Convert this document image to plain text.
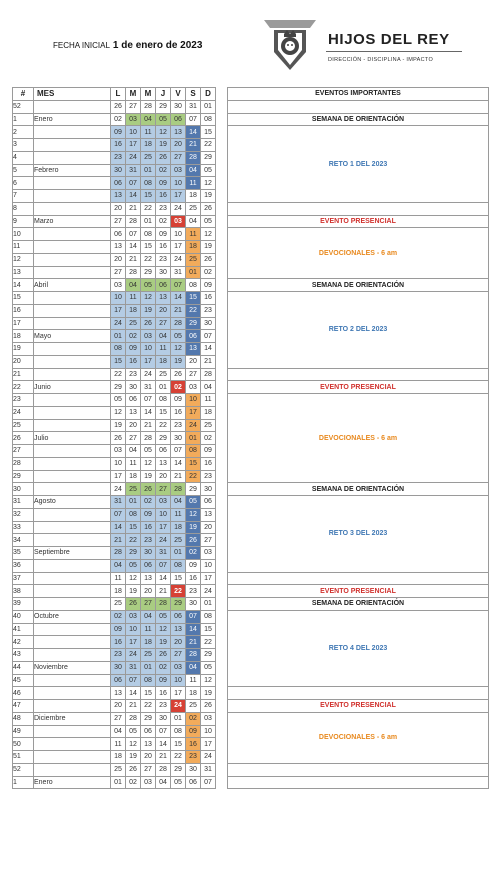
FECHA INICIAL 1 de enero de 2023	HIJOS DEL REY
DIRECCIÓN - DISCIPLINA - IMPACTO
#	MES	L	M	M	J	V	S	D		EVENTOS IMPORTANTES
52		26	27	28	29	30	31	01		
1	Enero	02	03	04	05	06	07	08		SEMANA DE ORIENTACIÓN
2		09	10	11	12	13	14	15		RETO 1 DEL 2023
3		16	17	18	19	20	21	22		
4		23	24	25	26	27	28	29		
5	Febrero	30	31	01	02	03	04	05		
6		06	07	08	09	10	11	12		
7		13	14	15	16	17	18	19		
8		20	21	22	23	24	25	26		
9	Marzo	27	28	01	02	03	04	05		EVENTO PRESENCIAL
10		06	07	08	09	10	11	12		DEVOCIONALES - 6 am
11		13	14	15	16	17	18	19		
12		20	21	22	23	24	25	26		
13		27	28	29	30	31	01	02		
14	Abril	03	04	05	06	07	08	09		SEMANA DE ORIENTACIÓN
15		10	11	12	13	14	15	16		RETO 2 DEL 2023
16		17	18	19	20	21	22	23		
17		24	25	26	27	28	29	30		
18	Mayo	01	02	03	04	05	06	07		
19		08	09	10	11	12	13	14		
20		15	16	17	18	19	20	21		
21		22	23	24	25	26	27	28		
22	Junio	29	30	31	01	02	03	04		EVENTO PRESENCIAL
23		05	06	07	08	09	10	11		DEVOCIONALES - 6 am
24		12	13	14	15	16	17	18		
25		19	20	21	22	23	24	25		
26	Julio	26	27	28	29	30	01	02		
27		03	04	05	06	07	08	09		
28		10	11	12	13	14	15	16		
29		17	18	19	20	21	22	23		
30		24	25	26	27	28	29	30		SEMANA DE ORIENTACIÓN
31	Agosto	31	01	02	03	04	05	06		RETO 3 DEL 2023
32		07	08	09	10	11	12	13		
33		14	15	16	17	18	19	20		
34		21	22	23	24	25	26	27		
35	Septiembre	28	29	30	31	01	02	03		
36		04	05	06	07	08	09	10		
37		11	12	13	14	15	16	17		
38		18	19	20	21	22	23	24		EVENTO PRESENCIAL
39		25	26	27	28	29	30	01		SEMANA DE ORIENTACIÓN
40	Octubre	02	03	04	05	06	07	08		RETO 4 DEL 2023
41		09	10	11	12	13	14	15		
42		16	17	18	19	20	21	22		
43		23	24	25	26	27	28	29		
44	Noviembre	30	31	01	02	03	04	05		
45		06	07	08	09	10	11	12		
46		13	14	15	16	17	18	19		
47		20	21	22	23	24	25	26		EVENTO PRESENCIAL
48	Diciembre	27	28	29	30	01	02	03		DEVOCIONALES - 6 am
49		04	05	06	07	08	09	10		
50		11	12	13	14	15	16	17		
51		18	19	20	21	22	23	24		
52		25	26	27	28	29	30	31		
1	Enero	01	02	03	04	05	06	07		
